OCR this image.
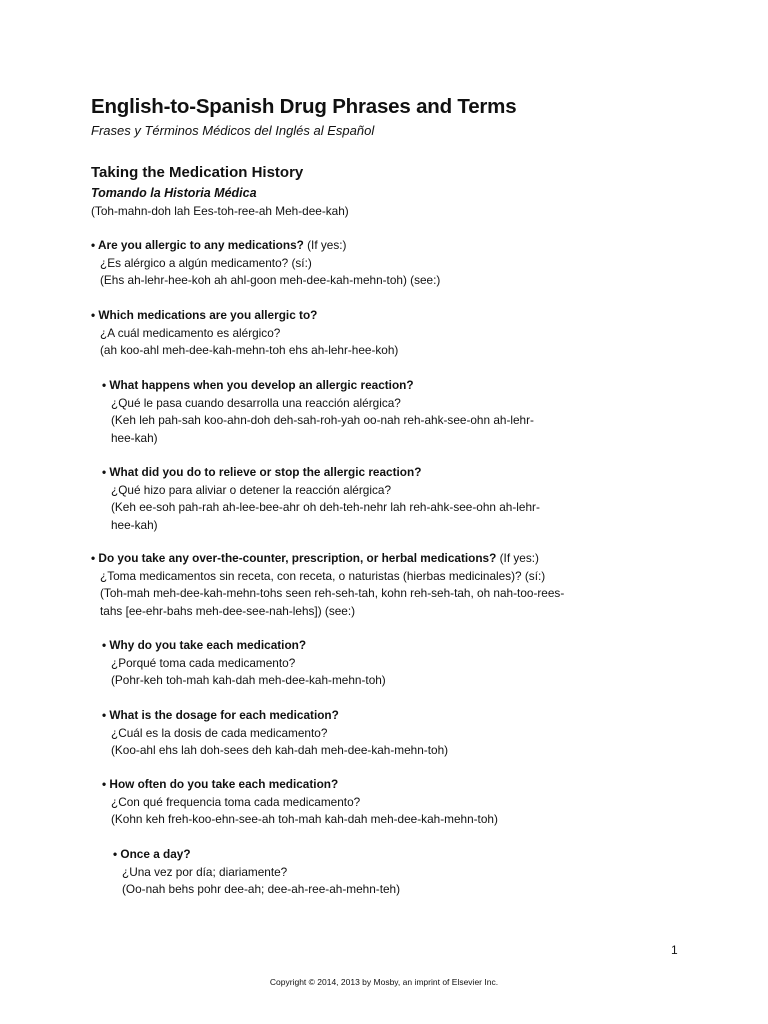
English-to-Spanish Drug Phrases and Terms
Frases y Términos Médicos del Inglés al Español
Taking the Medication History
Tomando la Historia Médica
(Toh-mahn-doh lah Ees-toh-ree-ah Meh-dee-kah)
• Are you allergic to any medications? (If yes:)
¿Es alérgico a algún medicamento? (sí:)
(Ehs ah-lehr-hee-koh ah ahl-goon meh-dee-kah-mehn-toh) (see:)
• Which medications are you allergic to?
¿A cuál medicamento es alérgico?
(ah koo-ahl meh-dee-kah-mehn-toh ehs ah-lehr-hee-koh)
• What happens when you develop an allergic reaction?
¿Qué le pasa cuando desarrolla una reacción alérgica?
(Keh leh pah-sah koo-ahn-doh deh-sah-roh-yah oo-nah reh-ahk-see-ohn ah-lehr-
hee-kah)
• What did you do to relieve or stop the allergic reaction?
¿Qué hizo para aliviar o detener la reacción alérgica?
(Keh ee-soh pah-rah ah-lee-bee-ahr oh deh-teh-nehr lah reh-ahk-see-ohn ah-lehr-
hee-kah)
• Do you take any over-the-counter, prescription, or herbal medications? (If yes:)
¿Toma medicamentos sin receta, con receta, o naturistas (hierbas medicinales)? (sí:)
(Toh-mah meh-dee-kah-mehn-tohs seen reh-seh-tah, kohn reh-seh-tah, oh nah-too-rees-
tahs [ee-ehr-bahs meh-dee-see-nah-lehs]) (see:)
• Why do you take each medication?
¿Porqué toma cada medicamento?
(Pohr-keh toh-mah kah-dah meh-dee-kah-mehn-toh)
• What is the dosage for each medication?
¿Cuál es la dosis de cada medicamento?
(Koo-ahl ehs lah doh-sees deh kah-dah meh-dee-kah-mehn-toh)
• How often do you take each medication?
¿Con qué frequencia toma cada medicamento?
(Kohn keh freh-koo-ehn-see-ah toh-mah kah-dah meh-dee-kah-mehn-toh)
• Once a day?
¿Una vez por día; diariamente?
(Oo-nah behs pohr dee-ah; dee-ah-ree-ah-mehn-teh)
1
Copyright © 2014, 2013 by Mosby, an imprint of Elsevier Inc.
